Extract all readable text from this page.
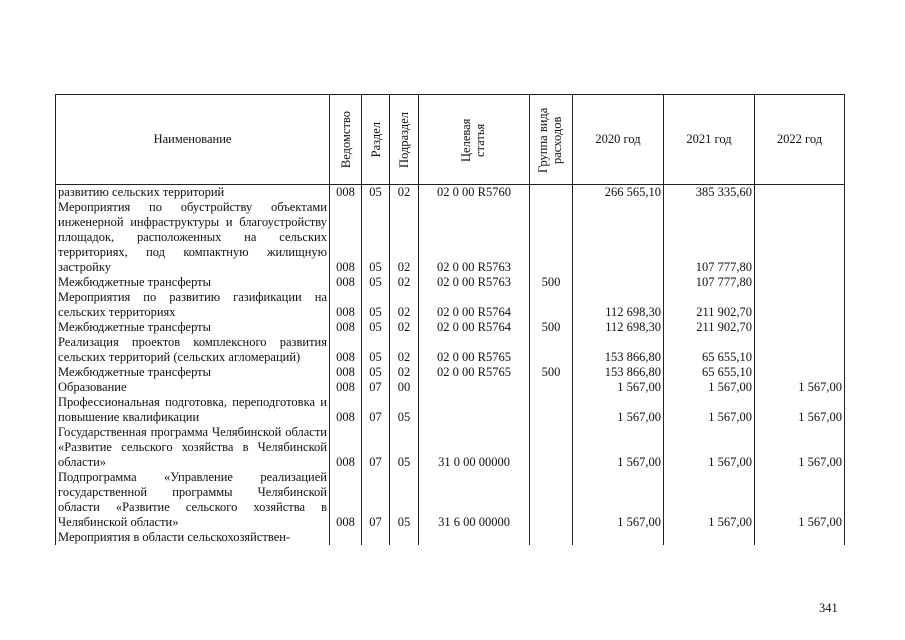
Наименование	Ведомство	Раздел	Подраздел	Целевая статья	Группа вида расходов	2020 год	2021 год	2022 год
развитию сельских территорий	008	05	02	02 0 00 R5760		266 565,10	385 335,60	
Мероприятия по обустройству объектами инженерной инфраструктуры и благоустройству площадок, расположенных на сельских территориях, под компактную жилищную застройку	008	05	02	02 0 00 R5763			107 777,80	
Межбюджетные трансферты	008	05	02	02 0 00 R5763	500		107 777,80	
Мероприятия по развитию газификации на сельских территориях	008	05	02	02 0 00 R5764		112 698,30	211 902,70	
Межбюджетные трансферты	008	05	02	02 0 00 R5764	500	112 698,30	211 902,70	
Реализация проектов комплексного развития сельских территорий (сельских агломераций)	008	05	02	02 0 00 R5765		153 866,80	65 655,10	
Межбюджетные трансферты	008	05	02	02 0 00 R5765	500	153 866,80	65 655,10	
Образование	008	07	00			1 567,00	1 567,00	1 567,00
Профессиональная подготовка, переподготовка и повышение квалификации	008	07	05			1 567,00	1 567,00	1 567,00
Государственная программа Челябинской области «Развитие сельского хозяйства в Челябинской области»	008	07	05	31 0 00 00000		1 567,00	1 567,00	1 567,00
Подпрограмма «Управление реализацией государственной программы Челябинской области «Развитие сельского хозяйства в Челябинской области»	008	07	05	31 6 00 00000		1 567,00	1 567,00	1 567,00
Мероприятия в области сельскохозяйствен-								
341
